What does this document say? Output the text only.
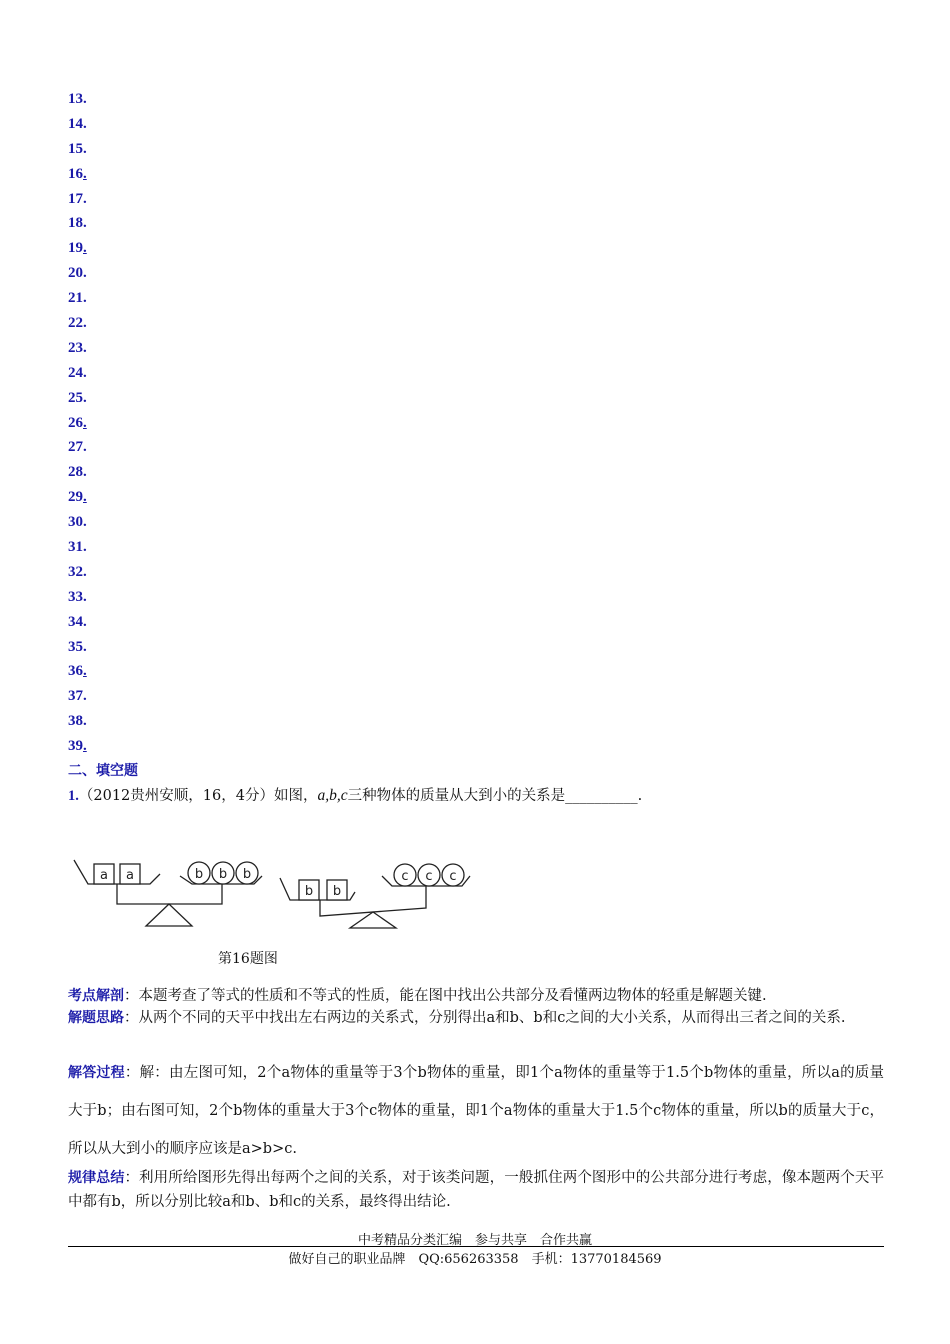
13.
14.
15.
16.
17.
18.
19.
20.
21.
22.
23.
24.
25.
26.
27.
28.
29.
30.
31.
32.
33.
34.
35.
36.
37.
38.
39.
二、填空题
1.（2012贵州安顺，16，4分）如图，a,b,c三种物体的质量从大到小的关系是__________.
a a	b b b
b b
c c c
第16题图
考点解剖：本题考查了等式的性质和不等式的性质，能在图中找出公共部分及看懂两边物体的轻重是解题关键.
解题思路：从两个不同的天平中找出左右两边的关系式，分别得出a和b、b和c之间的大小关系，从而得出三者之间的关系.
解答过程：解：由左图可知，2个a物体的重量等于3个b物体的重量，即1个a物体的重量等于1.5个b物体的重量，所以a的质量大于b；由右图可知，2个b物体的重量大于3个c物体的重量，即1个a物体的重量大于1.5个c物体的重量，所以b的质量大于c，所以从大到小的顺序应该是a>b>c.
规律总结：利用所给图形先得出每两个之间的关系，对于该类问题，一般抓住两个图形中的公共部分进行考虑，像本题两个天平中都有b，所以分别比较a和b、b和c的关系，最终得出结论.
中考精品分类汇编　参与共享　合作共赢
做好自己的职业品牌　QQ:656263358　手机：13770184569
